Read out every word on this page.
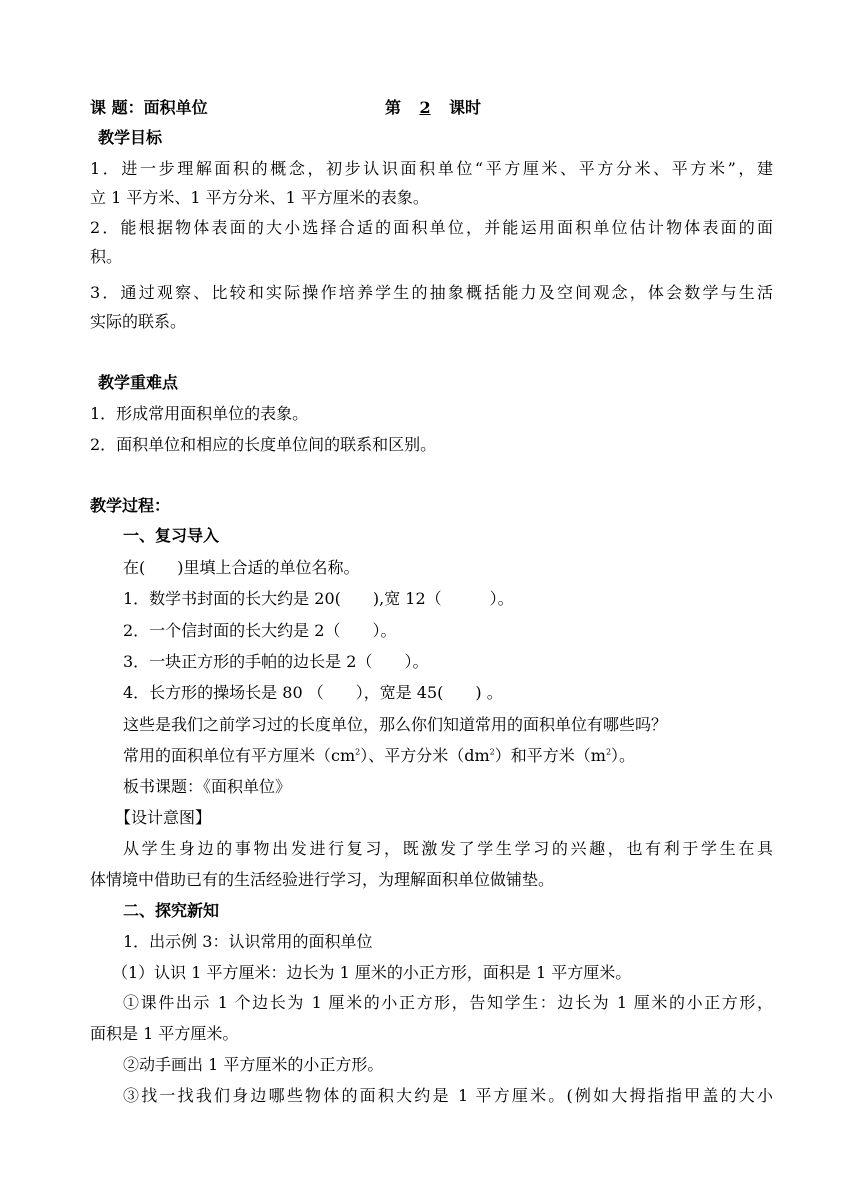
课 题：面积单位	第 2 课时
教学目标
1．进一步理解面积的概念，初步认识面积单位“平方厘米、平方分米、平方米”，建
立 1 平方米、1 平方分米、1 平方厘米的表象。
2．能根据物体表面的大小选择合适的面积单位，并能运用面积单位估计物体表面的面
积。
3．通过观察、比较和实际操作培养学生的抽象概括能力及空间观念，体会数学与生活
实际的联系。
教学重难点
1．形成常用面积单位的表象。
2．面积单位和相应的长度单位间的联系和区别。
教学过程：
一、复习导入
在(　　)里填上合适的单位名称。
1．数学书封面的长大约是 20(　　),宽 12（　　　）。
2．一个信封面的长大约是 2（　　）。
3．一块正方形的手帕的边长是 2（　　）。
4．长方形的操场长是 80 （　　），宽是 45(　　) 。
这些是我们之前学习过的长度单位，那么你们知道常用的面积单位有哪些吗？
常用的面积单位有平方厘米$(cm^2)$、平方分米$(dm^2)$和平方米$(m^2)$。
板书课题：《面积单位》
【设计意图】
从学生身边的事物出发进行复习，既激发了学生学习的兴趣，也有利于学生在具
体情境中借助已有的生活经验进行学习，为理解面积单位做铺垫。
二、探究新知
1．出示例 3：认识常用的面积单位
（1）认识 1 平方厘米：边长为 1 厘米的小正方形，面积是 1 平方厘米。
①课件出示 1 个边长为 1 厘米的小正方形，告知学生：边长为 1 厘米的小正方形，
面积是 1 平方厘米。
②动手画出 1 平方厘米的小正方形。
③找一找我们身边哪些物体的面积大约是 1 平方厘米。(例如大拇指指甲盖的大小
